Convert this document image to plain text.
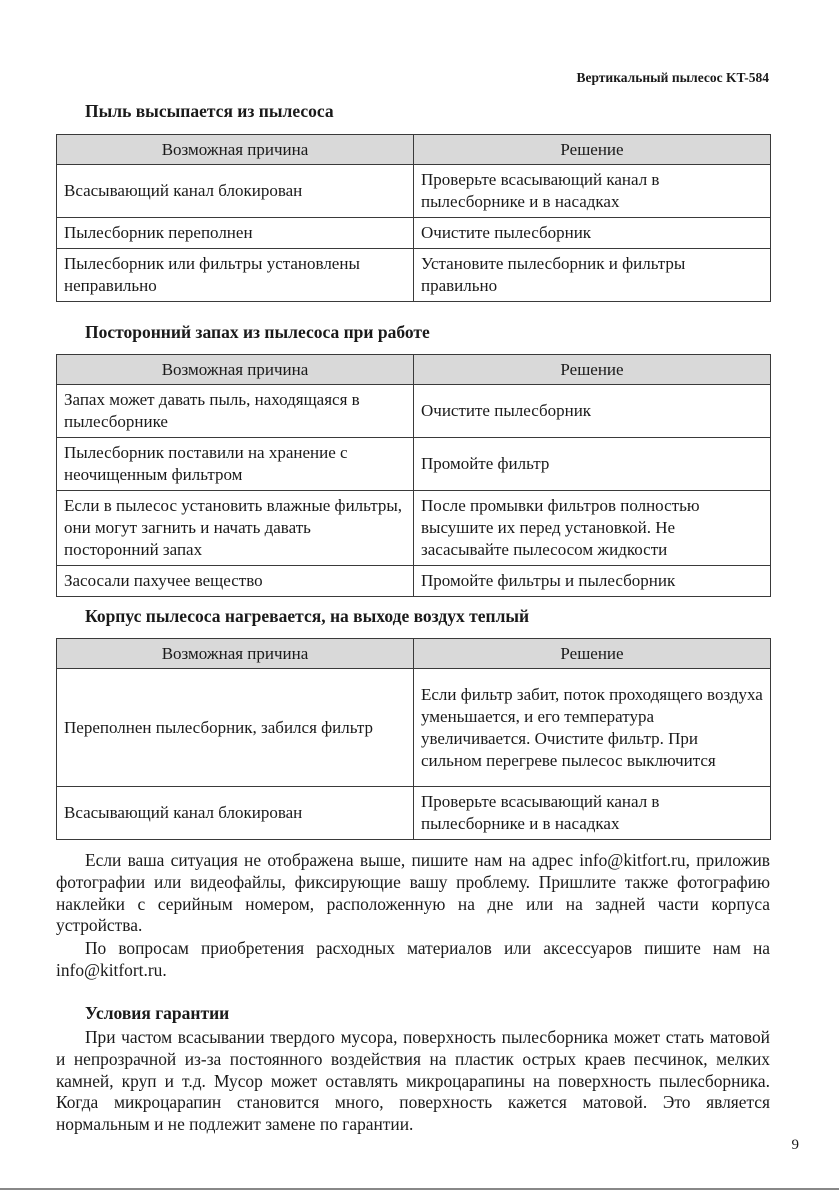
Вертикальный пылесос KT-584
Пыль высыпается из пылесоса
Возможная причина	Решение
Всасывающий канал блокирован	Проверьте всасывающий канал в пылесборнике и в насадках
Пылесборник переполнен	Очистите пылесборник
Пылесборник или фильтры установлены неправильно	Установите пылесборник и фильтры правильно
Посторонний запах из пылесоса при работе
Возможная причина	Решение
Запах может давать пыль, находящаяся в пылесборнике	Очистите пылесборник
Пылесборник поставили на хранение с неочищенным фильтром	Промойте фильтр
Если в пылесос установить влажные фильтры, они могут загнить и начать давать посторонний запах	После промывки фильтров полностью высушите их перед установкой. Не засасывайте пылесосом жидкости
Засосали пахучее вещество	Промойте фильтры и пылесборник
Корпус пылесоса нагревается, на выходе воздух теплый
Возможная причина	Решение
Переполнен пылесборник, забился фильтр	Если фильтр забит, поток проходящего воздуха уменьшается, и его температура увеличивается. Очистите фильтр. При сильном перегреве пылесос выключится
Всасывающий канал блокирован	Проверьте всасывающий канал в пылесборнике и в насадках

Если ваша ситуация не отображена выше, пишите нам на адрес info@kitfort.ru, приложив фотографии или видеофайлы, фиксирующие вашу проблему. Пришлите также фотографию наклейки с серийным номером, расположенную на дне или на задней части корпуса устройства.

По вопросам приобретения расходных материалов или аксессуаров пишите нам на info@kitfort.ru.

Условия гарантии

При частом всасывании твердого мусора, поверхность пылесборника может стать матовой и непрозрачной из-за постоянного воздействия на пластик острых краев песчинок, мелких камней, круп и т.д. Мусор может оставлять микроцарапины на поверхность пылесборника. Когда микроцарапин становится много, поверхность кажется матовой. Это является нормальным и не подлежит замене по гарантии.

9
